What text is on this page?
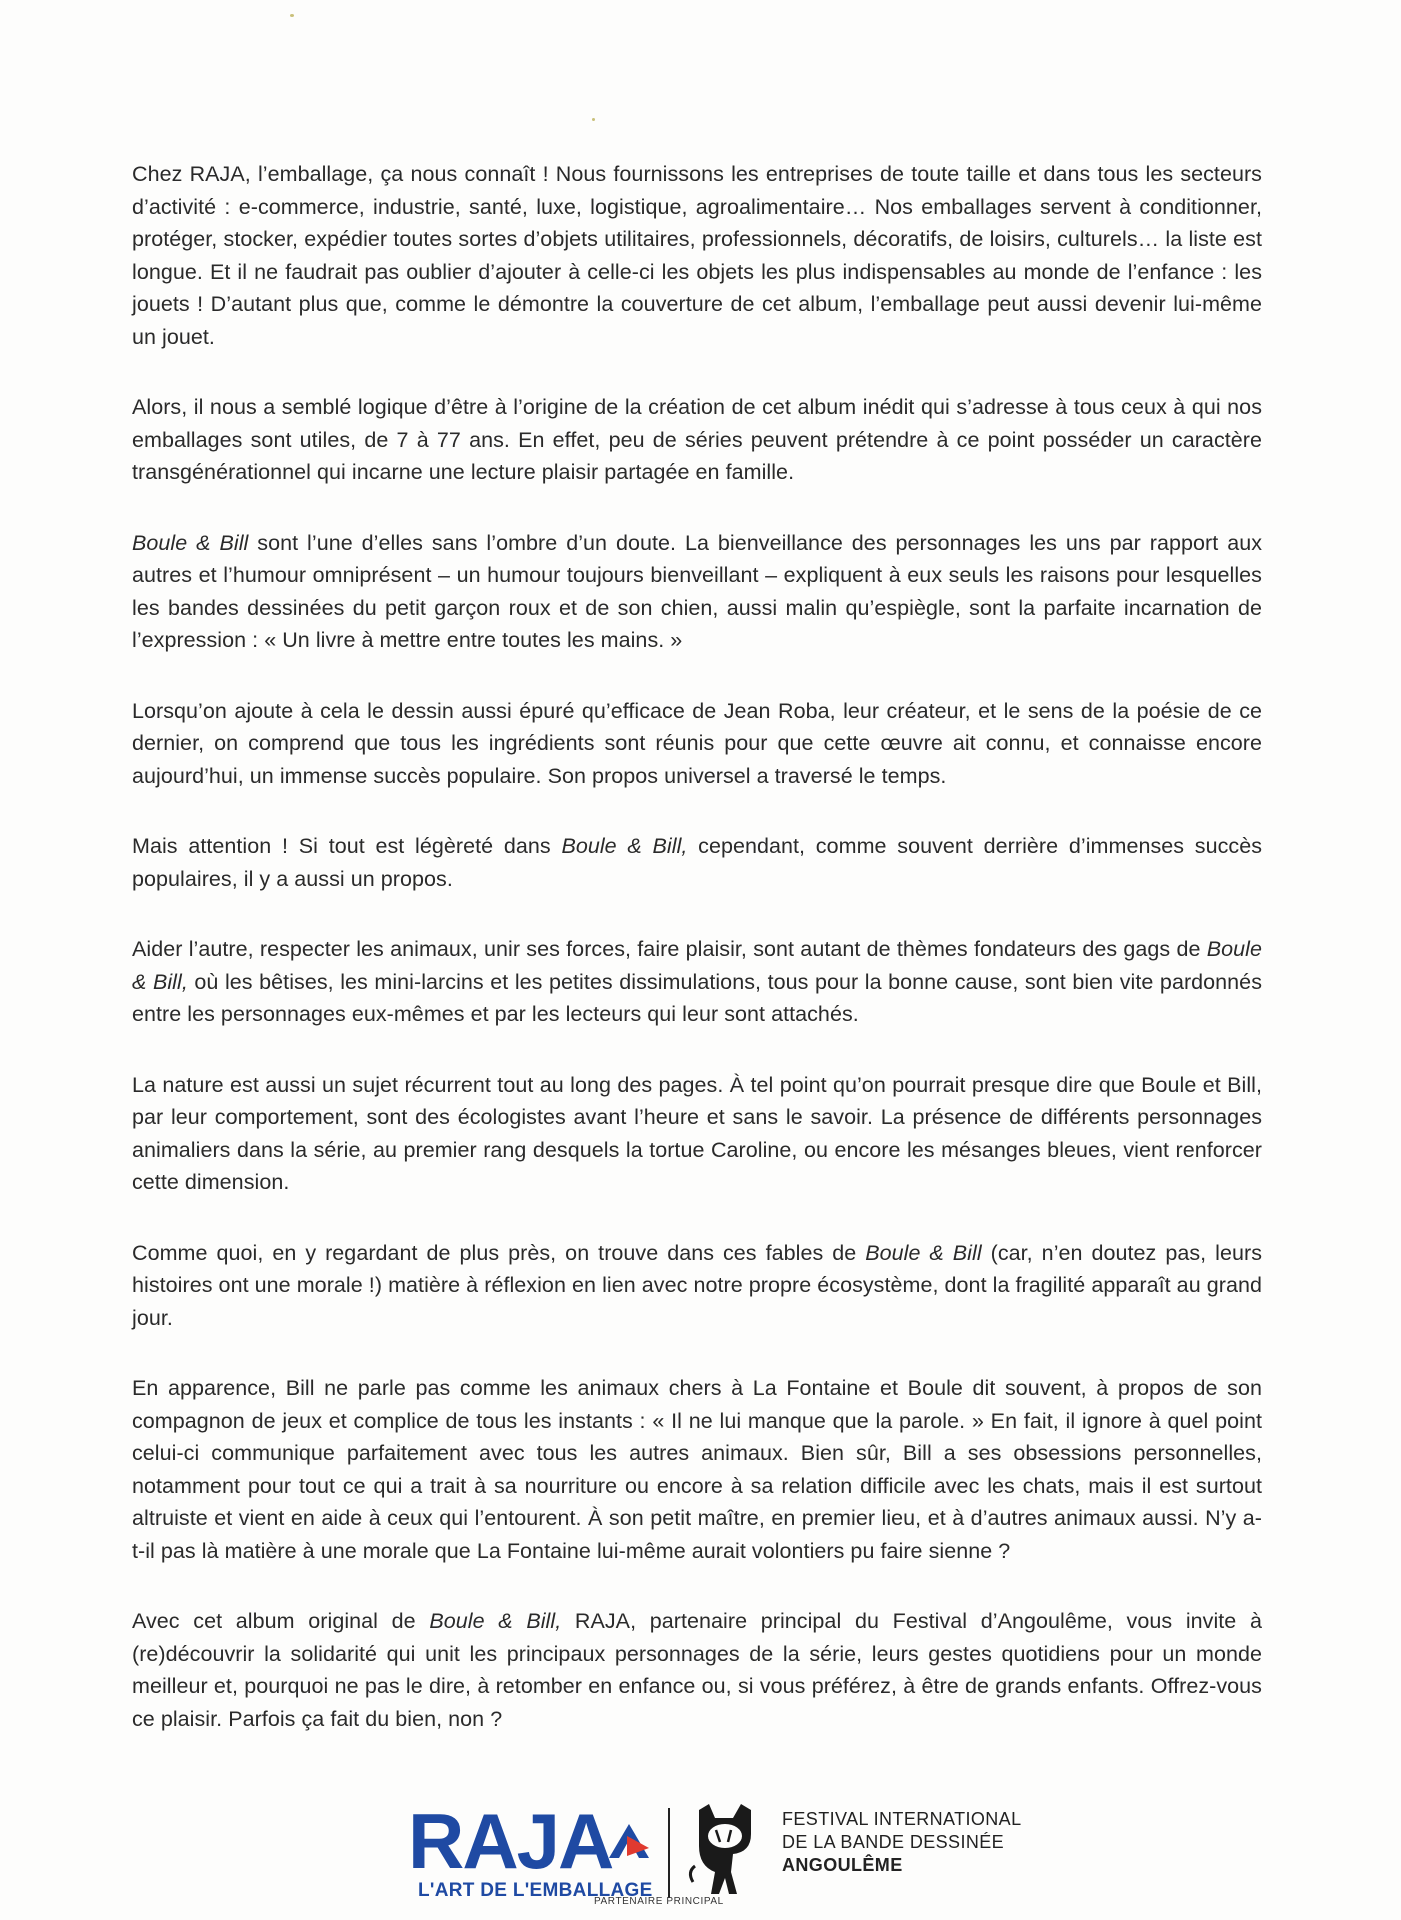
Chez RAJA, l’emballage, ça nous connaît ! Nous fournissons les entreprises de toute taille et dans tous les secteurs d’activité : e-commerce, industrie, santé, luxe, logistique, agroalimentaire… Nos emballages servent à conditionner, protéger, stocker, expédier toutes sortes d’objets utilitaires, professionnels, décoratifs, de loisirs, culturels… la liste est longue. Et il ne faudrait pas oublier d’ajouter à celle-ci les objets les plus indispensables au monde de l’enfance : les jouets ! D’autant plus que, comme le démontre la couverture de cet album, l’emballage peut aussi devenir lui-même un jouet.

Alors, il nous a semblé logique d’être à l’origine de la création de cet album inédit qui s’adresse à tous ceux à qui nos emballages sont utiles, de 7 à 77 ans. En effet, peu de séries peuvent prétendre à ce point posséder un caractère transgénérationnel qui incarne une lecture plaisir partagée en famille.

Boule & Bill sont l’une d’elles sans l’ombre d’un doute. La bienveillance des personnages les uns par rapport aux autres et l’humour omniprésent – un humour toujours bienveillant – expliquent à eux seuls les raisons pour lesquelles les bandes dessinées du petit garçon roux et de son chien, aussi malin qu’espiègle, sont la parfaite incarnation de l’expression : « Un livre à mettre entre toutes les mains. »

Lorsqu’on ajoute à cela le dessin aussi épuré qu’efficace de Jean Roba, leur créateur, et le sens de la poésie de ce dernier, on comprend que tous les ingrédients sont réunis pour que cette œuvre ait connu, et connaisse encore aujourd’hui, un immense succès populaire. Son propos universel a traversé le temps.

Mais attention ! Si tout est légèreté dans Boule & Bill, cependant, comme souvent derrière d’immenses succès populaires, il y a aussi un propos.

Aider l’autre, respecter les animaux, unir ses forces, faire plaisir, sont autant de thèmes fondateurs des gags de Boule & Bill, où les bêtises, les mini-larcins et les petites dissimulations, tous pour la bonne cause, sont bien vite pardonnés entre les personnages eux-mêmes et par les lecteurs qui leur sont attachés.

La nature est aussi un sujet récurrent tout au long des pages. À tel point qu’on pourrait presque dire que Boule et Bill, par leur comportement, sont des écologistes avant l’heure et sans le savoir. La présence de différents personnages animaliers dans la série, au premier rang desquels la tortue Caroline, ou encore les mésanges bleues, vient renforcer cette dimension.

Comme quoi, en y regardant de plus près, on trouve dans ces fables de Boule & Bill (car, n’en doutez pas, leurs histoires ont une morale !) matière à réflexion en lien avec notre propre écosystème, dont la fragilité apparaît au grand jour.

En apparence, Bill ne parle pas comme les animaux chers à La Fontaine et Boule dit souvent, à propos de son compagnon de jeux et complice de tous les instants : « Il ne lui manque que la parole. » En fait, il ignore à quel point celui-ci communique parfaitement avec tous les autres animaux. Bien sûr, Bill a ses obsessions personnelles, notamment pour tout ce qui a trait à sa nourriture ou encore à sa relation difficile avec les chats, mais il est surtout altruiste et vient en aide à ceux qui l’entourent. À son petit maître, en premier lieu, et à d’autres animaux aussi. N’y a-t-il pas là matière à une morale que La Fontaine lui-même aurait volontiers pu faire sienne ?

Avec cet album original de Boule & Bill, RAJA, partenaire principal du Festival d’Angoulême, vous invite à (re)découvrir la solidarité qui unit les principaux personnages de la série, leurs gestes quotidiens pour un monde meilleur et, pourquoi ne pas le dire, à retomber en enfance ou, si vous préférez, à être de grands enfants. Offrez-vous ce plaisir. Parfois ça fait du bien, non ?

RAJA
L'ART DE L'EMBALLAGE
FESTIVAL INTERNATIONAL
DE LA BANDE DESSINÉE
ANGOULÊME
PARTENAIRE PRINCIPAL
